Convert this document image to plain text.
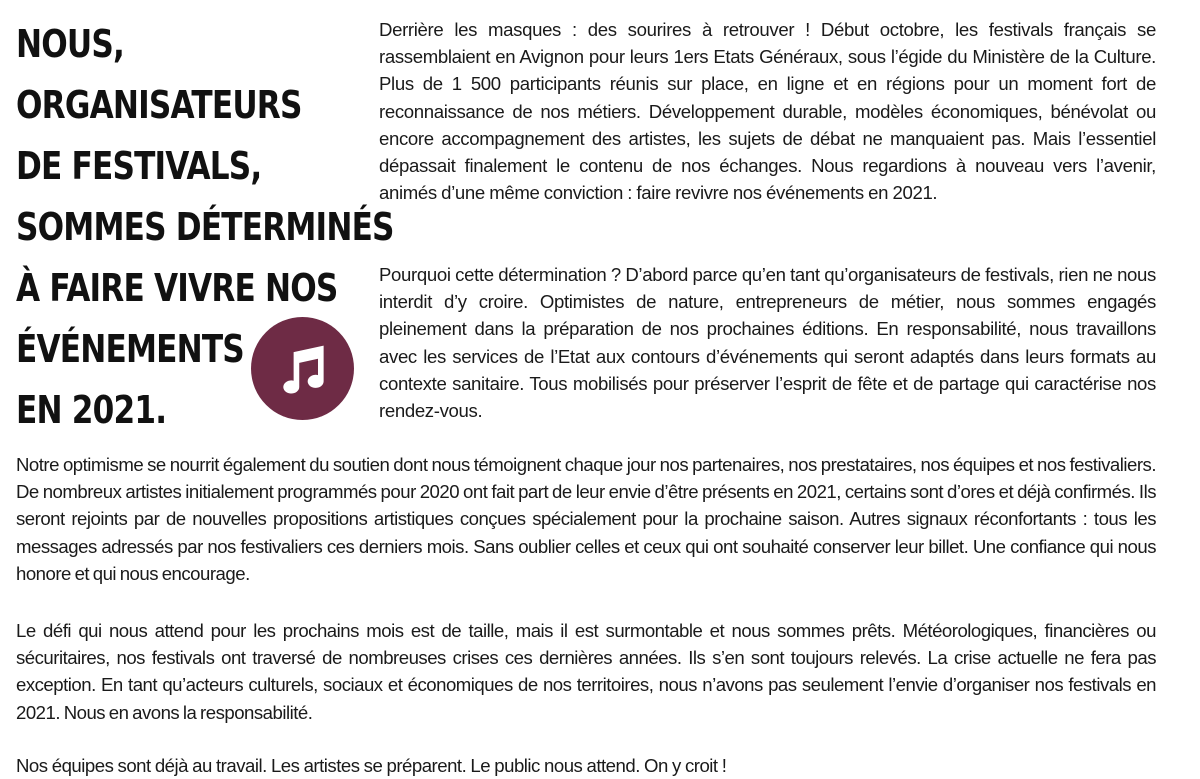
NOUS,
ORGANISATEURS
DE FESTIVALS,
SOMMES DÉTERMINÉS
À FAIRE VIVRE NOS
ÉVÉNEMENTS
EN 2021.

Derrière les masques : des sourires à retrouver ! Début octobre, les festivals français se rassemblaient en Avignon pour leurs 1ers Etats Généraux, sous l’égide du Ministère de la Culture. Plus de 1 500 participants réunis sur place, en ligne et en régions pour un moment fort de reconnaissance de nos métiers. Développement durable, modèles économiques, bénévolat ou encore accompagnement des artistes, les sujets de débat ne manquaient pas. Mais l’essentiel dépassait finalement le contenu de nos échanges. Nous regardions à nouveau vers l’avenir, animés d’une même conviction : faire revivre nos événements en 2021.

Pourquoi cette détermination ? D’abord parce qu’en tant qu’organisateurs de festivals, rien ne nous interdit d’y croire. Optimistes de nature, entrepreneurs de métier, nous sommes engagés pleinement dans la préparation de nos prochaines éditions. En responsabilité, nous travaillons avec les services de l’Etat aux contours d’événements qui seront adaptés dans leurs formats au contexte sanitaire. Tous mobilisés pour préserver l’esprit de fête et de partage qui caractérise nos rendez-vous.

Notre optimisme se nourrit également du soutien dont nous témoignent chaque jour nos partenaires, nos prestataires, nos équipes et nos festivaliers. De nombreux artistes initialement programmés pour 2020 ont fait part de leur envie d’être présents en 2021, certains sont d’ores et déjà confirmés. Ils seront rejoints par de nouvelles propositions artistiques conçues spécialement pour la prochaine saison. Autres signaux réconfortants : tous les messages adressés par nos festivaliers ces derniers mois. Sans oublier celles et ceux qui ont souhaité conserver leur billet. Une confiance qui nous honore et qui nous encourage.

Le défi qui nous attend pour les prochains mois est de taille, mais il est surmontable et nous sommes prêts. Météorologiques, financières ou sécuritaires, nos festivals ont traversé de nombreuses crises ces dernières années. Ils s’en sont toujours relevés. La crise actuelle ne fera pas exception. En tant qu’acteurs culturels, sociaux et économiques de nos territoires, nous n’avons pas seulement l’envie d’organiser nos festivals en 2021. Nous en avons la responsabilité.

Nos équipes sont déjà au travail. Les artistes se préparent. Le public nous attend. On y croit !
